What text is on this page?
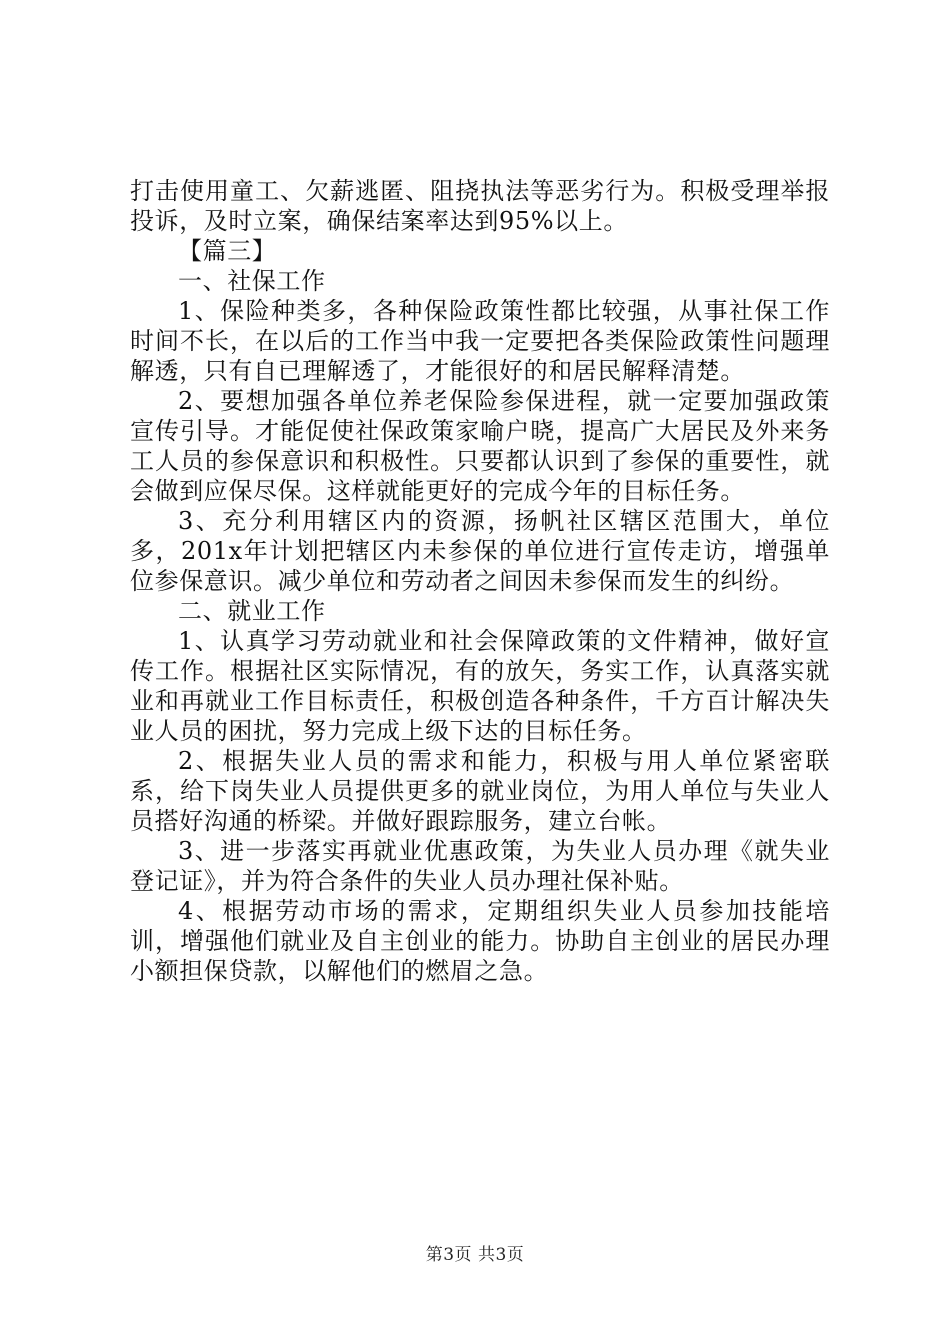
打击使用童工、欠薪逃匿、阻挠执法等恶劣行为。积极受理举报投诉，及时立案，确保结案率达到95%以上。

【篇三】

一、社保工作

1、保险种类多，各种保险政策性都比较强，从事社保工作时间不长，在以后的工作当中我一定要把各类保险政策性问题理解透，只有自已理解透了，才能很好的和居民解释清楚。

2、要想加强各单位养老保险参保进程，就一定要加强政策宣传引导。才能促使社保政策家喻户晓，提高广大居民及外来务工人员的参保意识和积极性。只要都认识到了参保的重要性，就会做到应保尽保。这样就能更好的完成今年的目标任务。

3、充分利用辖区内的资源，扬帆社区辖区范围大，单位多，201x年计划把辖区内未参保的单位进行宣传走访，增强单位参保意识。减少单位和劳动者之间因未参保而发生的纠纷。

二、就业工作

1、认真学习劳动就业和社会保障政策的文件精神，做好宣传工作。根据社区实际情况，有的放矢，务实工作，认真落实就业和再就业工作目标责任，积极创造各种条件，千方百计解决失业人员的困扰，努力完成上级下达的目标任务。

2、根据失业人员的需求和能力，积极与用人单位紧密联系，给下岗失业人员提供更多的就业岗位，为用人单位与失业人员搭好沟通的桥梁。并做好跟踪服务，建立台帐。

3、进一步落实再就业优惠政策，为失业人员办理《就失业登记证》，并为符合条件的失业人员办理社保补贴。

4、根据劳动市场的需求，定期组织失业人员参加技能培训，增强他们就业及自主创业的能力。协助自主创业的居民办理小额担保贷款，以解他们的燃眉之急。

第3页 共3页
